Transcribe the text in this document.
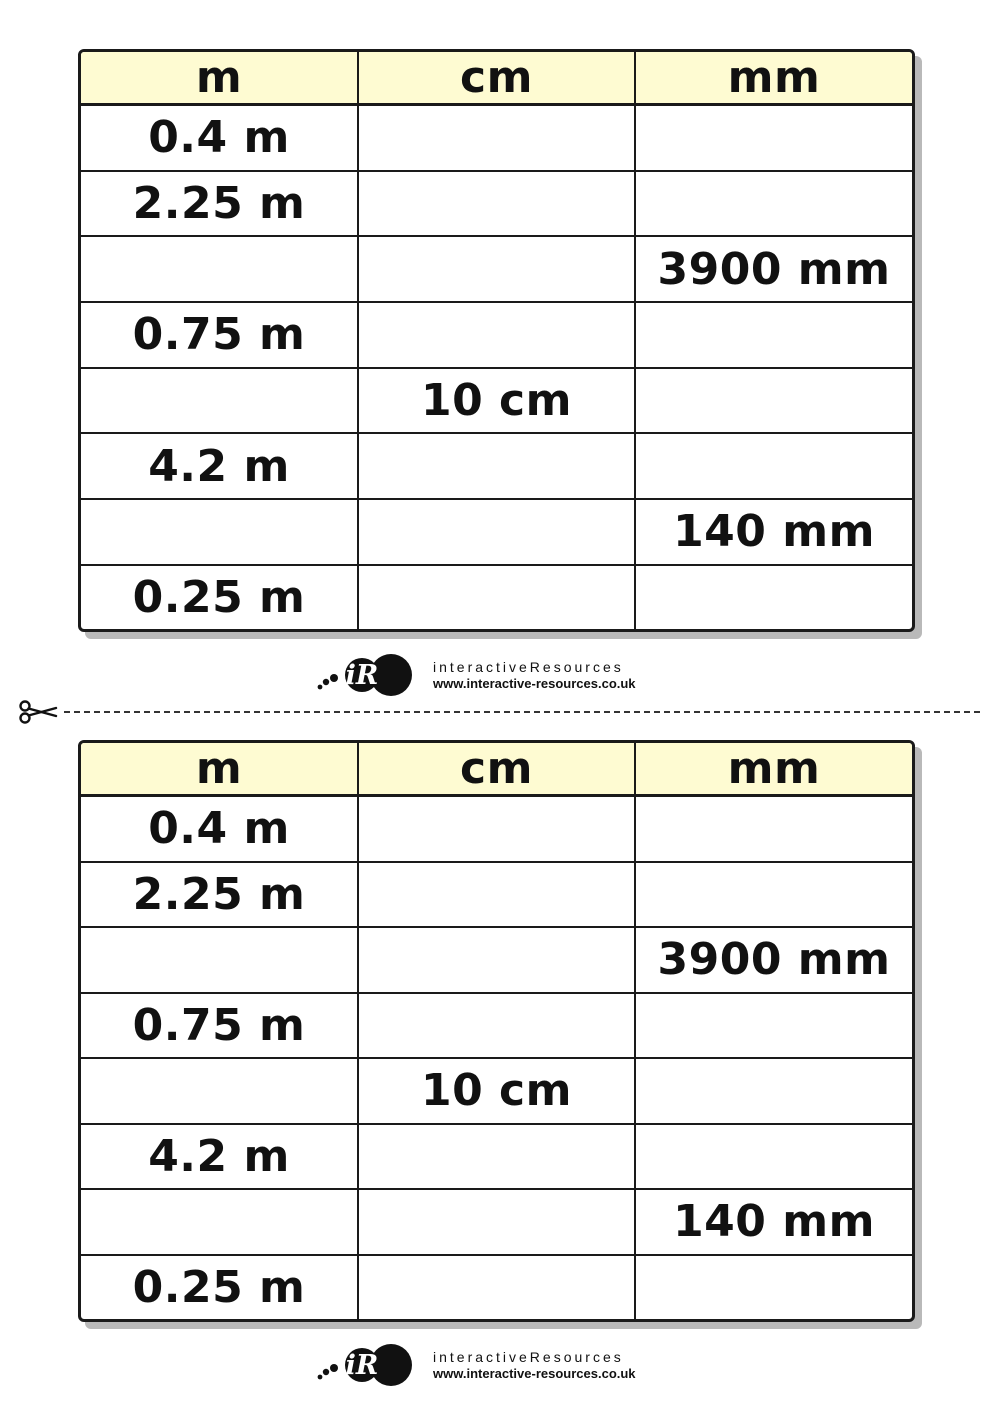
m	cm	mm
0.4 m		
2.25 m		
		3900 mm
0.75 m		
	10 cm	
4.2 m		
		140 mm
0.25 m		
iR	interactiveResources
www.interactive-resources.co.uk
m	cm	mm
0.4 m		
2.25 m		
		3900 mm
0.75 m		
	10 cm	
4.2 m		
		140 mm
0.25 m		
iR	interactiveResources
www.interactive-resources.co.uk
